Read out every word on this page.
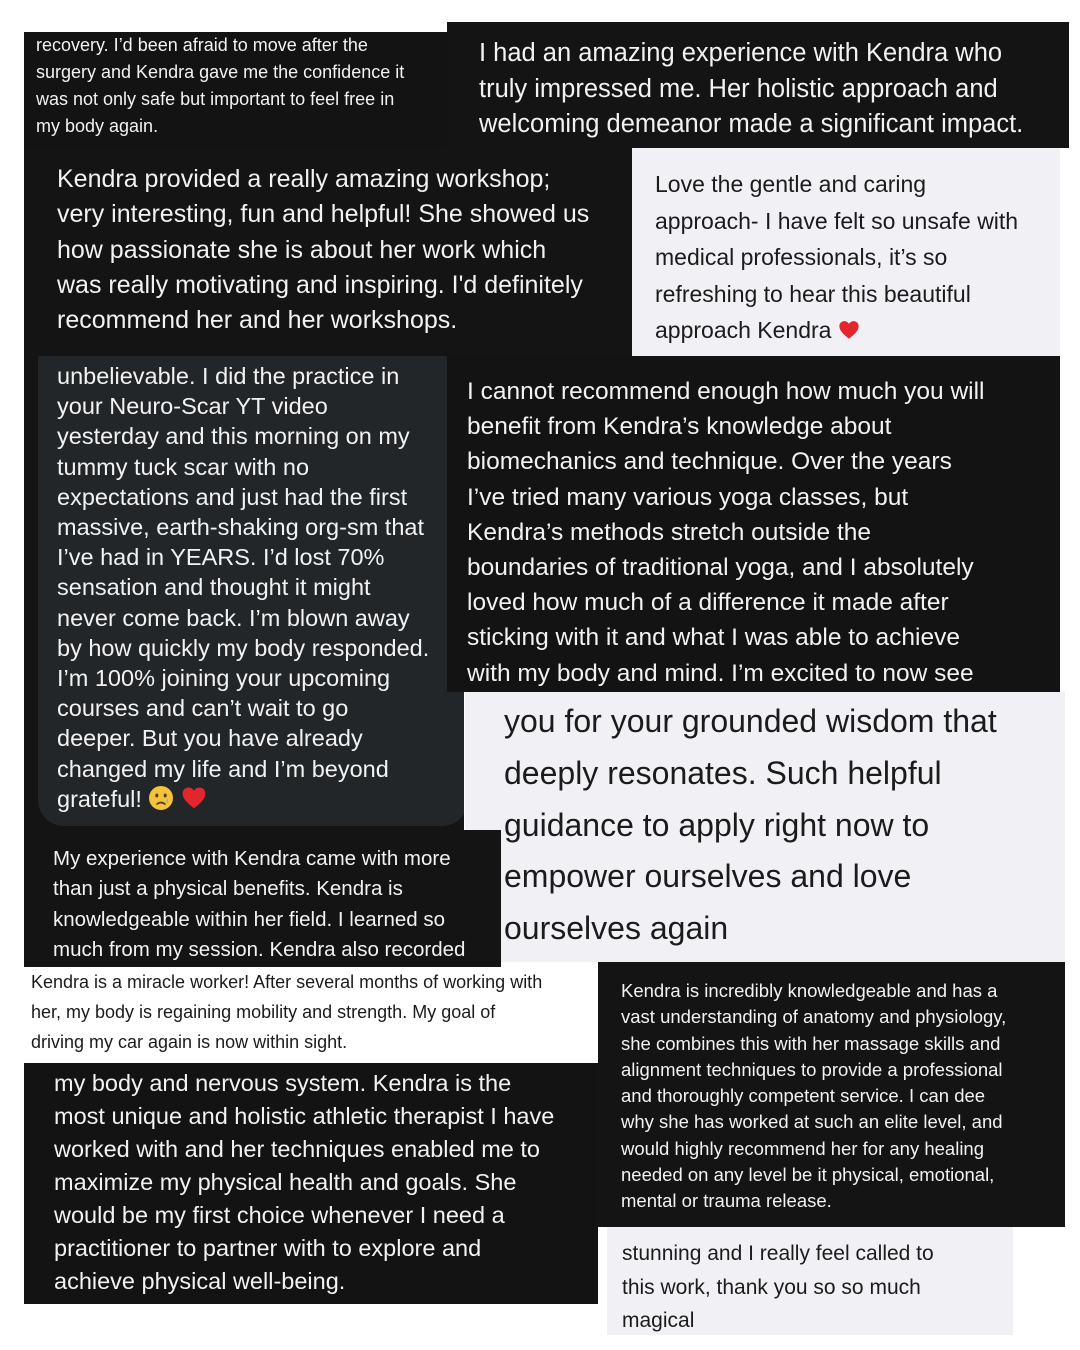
recovery. I’d been afraid to move after the
surgery and Kendra gave me the confidence it
was not only safe but important to feel free in
my body again.

I had an amazing experience with Kendra who
truly impressed me. Her holistic approach and
welcoming demeanor made a significant impact.

Kendra provided a really amazing workshop;
very interesting, fun and helpful! She showed us
how passionate she is about her work which
was really motivating and inspiring. I'd definitely
recommend her and her workshops.

Love the gentle and caring
approach- I have felt so unsafe with
medical professionals, it’s so
refreshing to hear this beautiful
approach Kendra

unbelievable. I did the practice in
your Neuro-Scar YT video
yesterday and this morning on my
tummy tuck scar with no
expectations and just had the first
massive, earth-shaking org-sm that
I’ve had in YEARS. I’d lost 70%
sensation and thought it might
never come back. I’m blown away
by how quickly my body responded.
I’m 100% joining your upcoming
courses and can’t wait to go
deeper. But you have already
changed my life and I’m beyond
grateful!

I cannot recommend enough how much you will
benefit from Kendra’s knowledge about
biomechanics and technique. Over the years
I’ve tried many various yoga classes, but
Kendra’s methods stretch outside the
boundaries of traditional yoga, and I absolutely
loved how much of a difference it made after
sticking with it and what I was able to achieve
with my body and mind. I’m excited to now see

you for your grounded wisdom that
deeply resonates. Such helpful
guidance to apply right now to
empower ourselves and love
ourselves again

My experience with Kendra came with more
than just a physical benefits. Kendra is
knowledgeable within her field. I learned so
much from my session. Kendra also recorded

Kendra is a miracle worker! After several months of working with
her, my body is regaining mobility and strength. My goal of
driving my car again is now within sight.

my body and nervous system. Kendra is the
most unique and holistic athletic therapist I have
worked with and her techniques enabled me to
maximize my physical health and goals. She
would be my first choice whenever I need a
practitioner to partner with to explore and
achieve physical well-being.

Kendra is incredibly knowledgeable and has a
vast understanding of anatomy and physiology,
she combines this with her massage skills and
alignment techniques to provide a professional
and thoroughly competent service. I can dee
why she has worked at such an elite level, and
would highly recommend her for any healing
needed on any level be it physical, emotional,
mental or trauma release.

stunning and I really feel called to
this work, thank you so so much
magical
